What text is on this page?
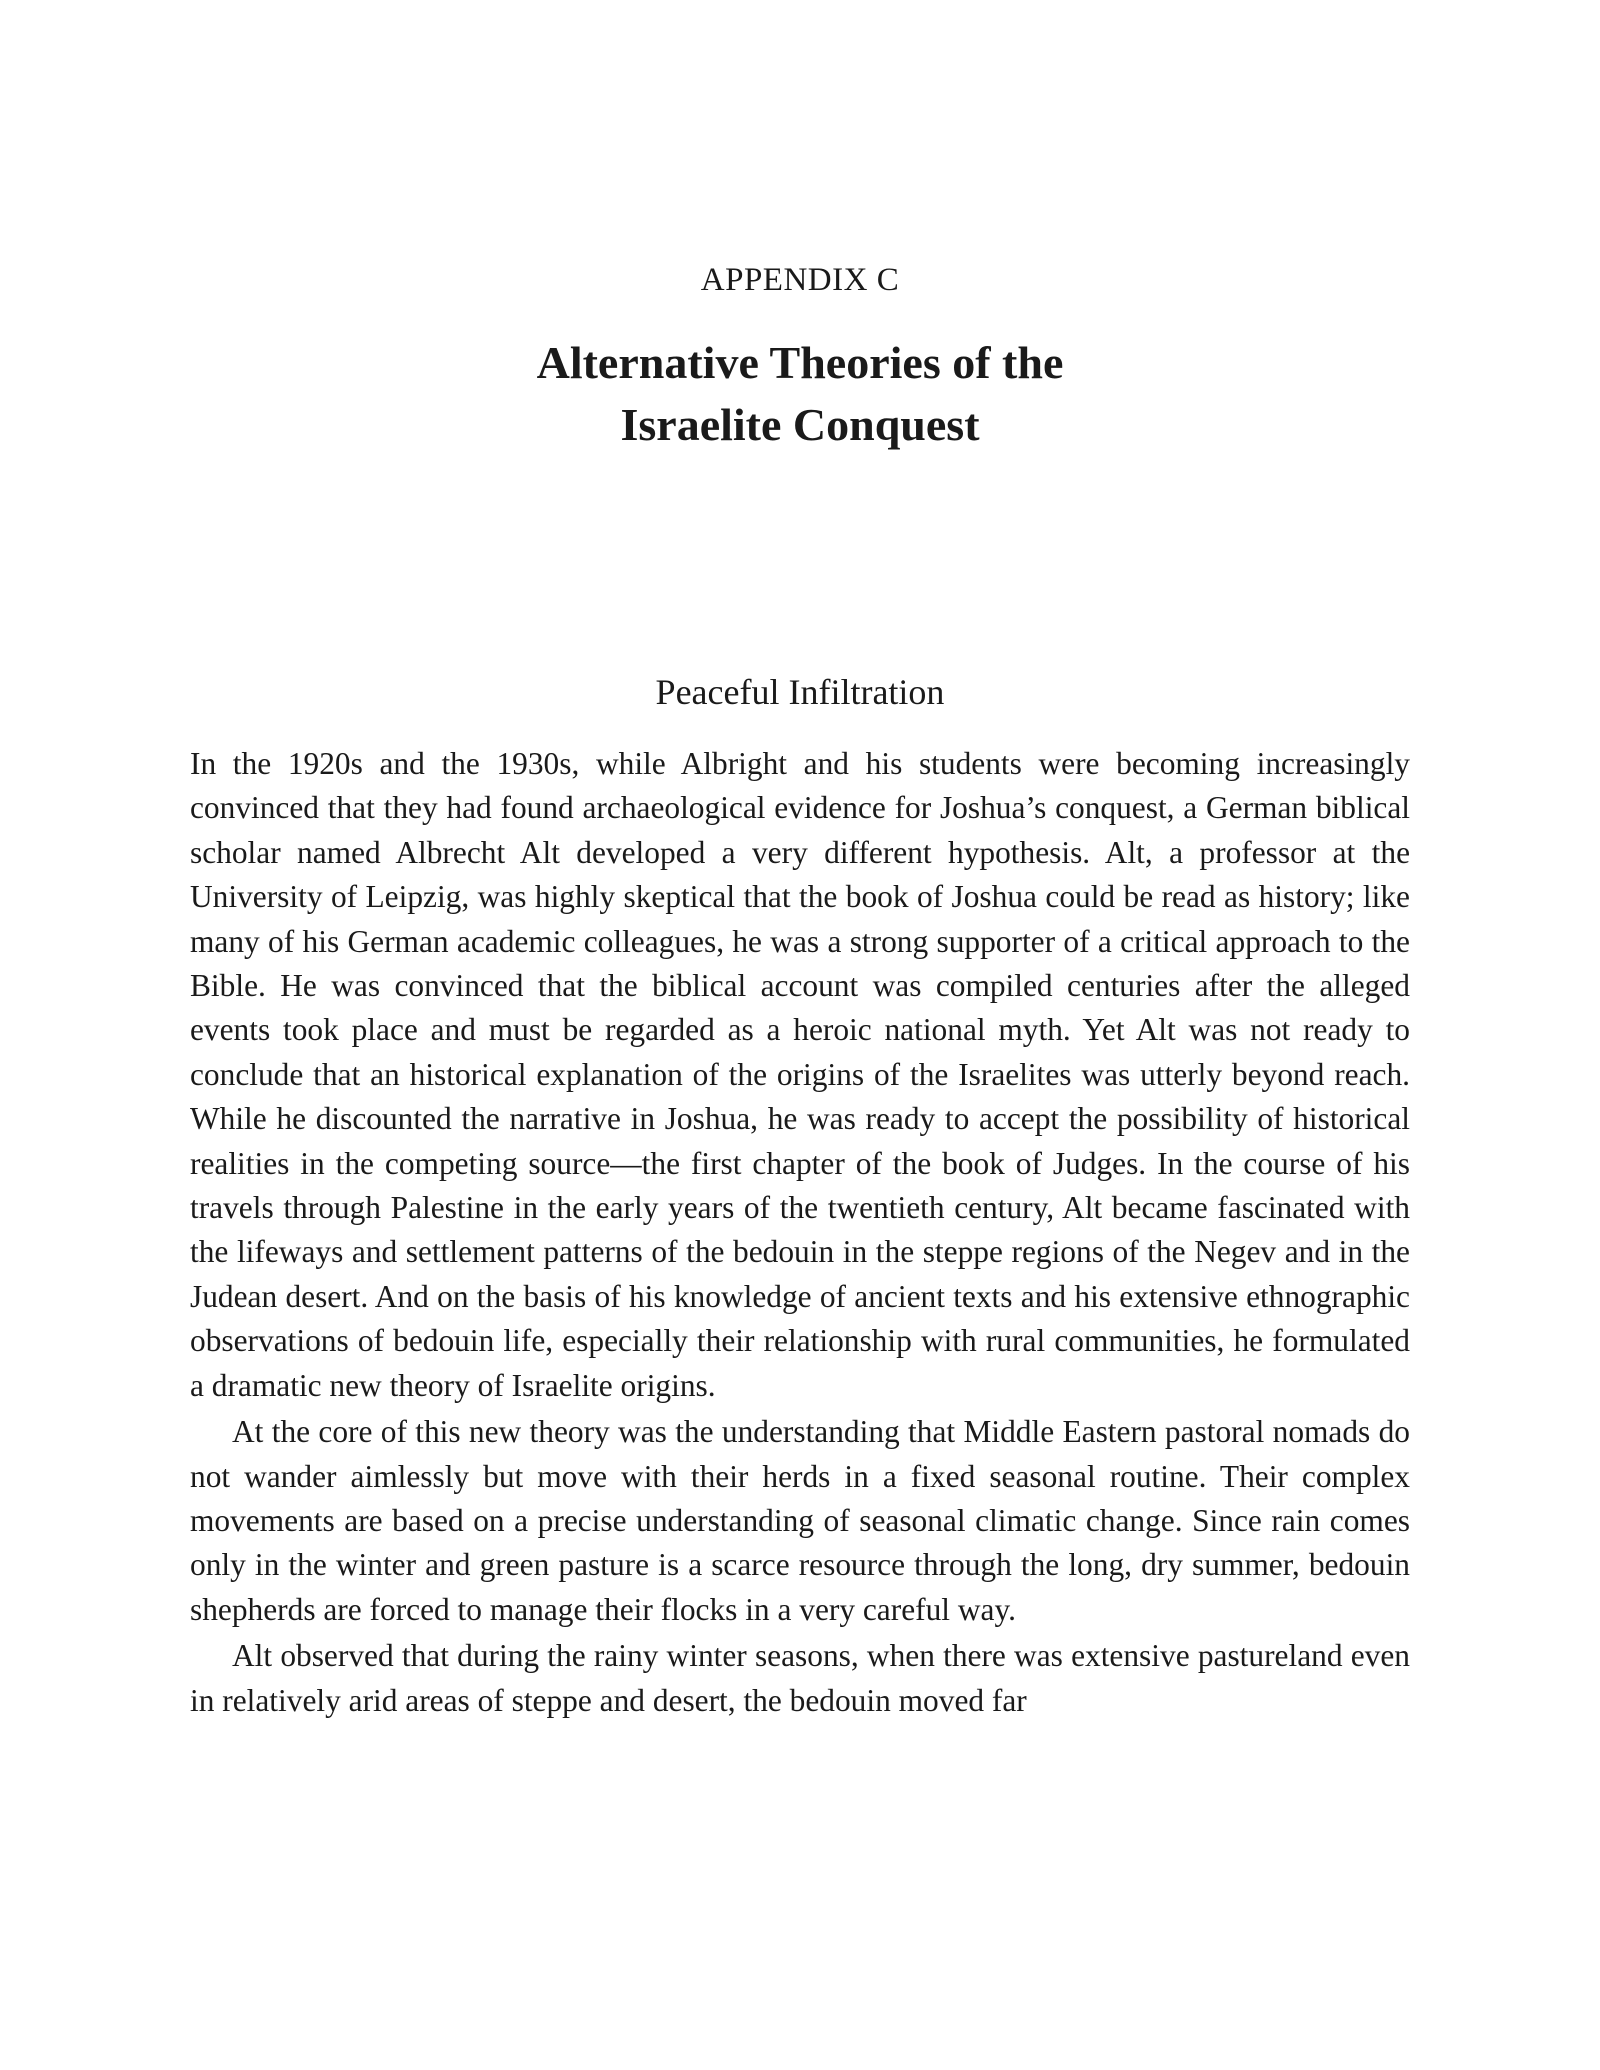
APPENDIX C
Alternative Theories of the
Israelite Conquest
Peaceful Infiltration

In the 1920s and the 1930s, while Albright and his students were becoming increasingly convinced that they had found archaeological evidence for Joshua’s conquest, a German biblical scholar named Albrecht Alt developed a very different hypothesis. Alt, a professor at the University of Leipzig, was highly skeptical that the book of Joshua could be read as history; like many of his German academic colleagues, he was a strong supporter of a critical approach to the Bible. He was convinced that the biblical account was compiled centuries after the alleged events took place and must be regarded as a heroic national myth. Yet Alt was not ready to conclude that an historical explanation of the origins of the Israelites was utterly beyond reach. While he discounted the narrative in Joshua, he was ready to accept the possibility of historical realities in the competing source—the first chapter of the book of Judges. In the course of his travels through Palestine in the early years of the twentieth century, Alt became fascinated with the lifeways and settlement patterns of the bedouin in the steppe regions of the Negev and in the Judean desert. And on the basis of his knowledge of ancient texts and his extensive ethnographic observations of bedouin life, especially their relationship with rural communities, he formulated a dramatic new theory of Israelite origins.

At the core of this new theory was the understanding that Middle Eastern pastoral nomads do not wander aimlessly but move with their herds in a fixed seasonal routine. Their complex movements are based on a precise understanding of seasonal climatic change. Since rain comes only in the winter and green pasture is a scarce resource through the long, dry summer, bedouin shepherds are forced to manage their flocks in a very careful way.

Alt observed that during the rainy winter seasons, when there was extensive pastureland even in relatively arid areas of steppe and desert, the bedouin moved far
